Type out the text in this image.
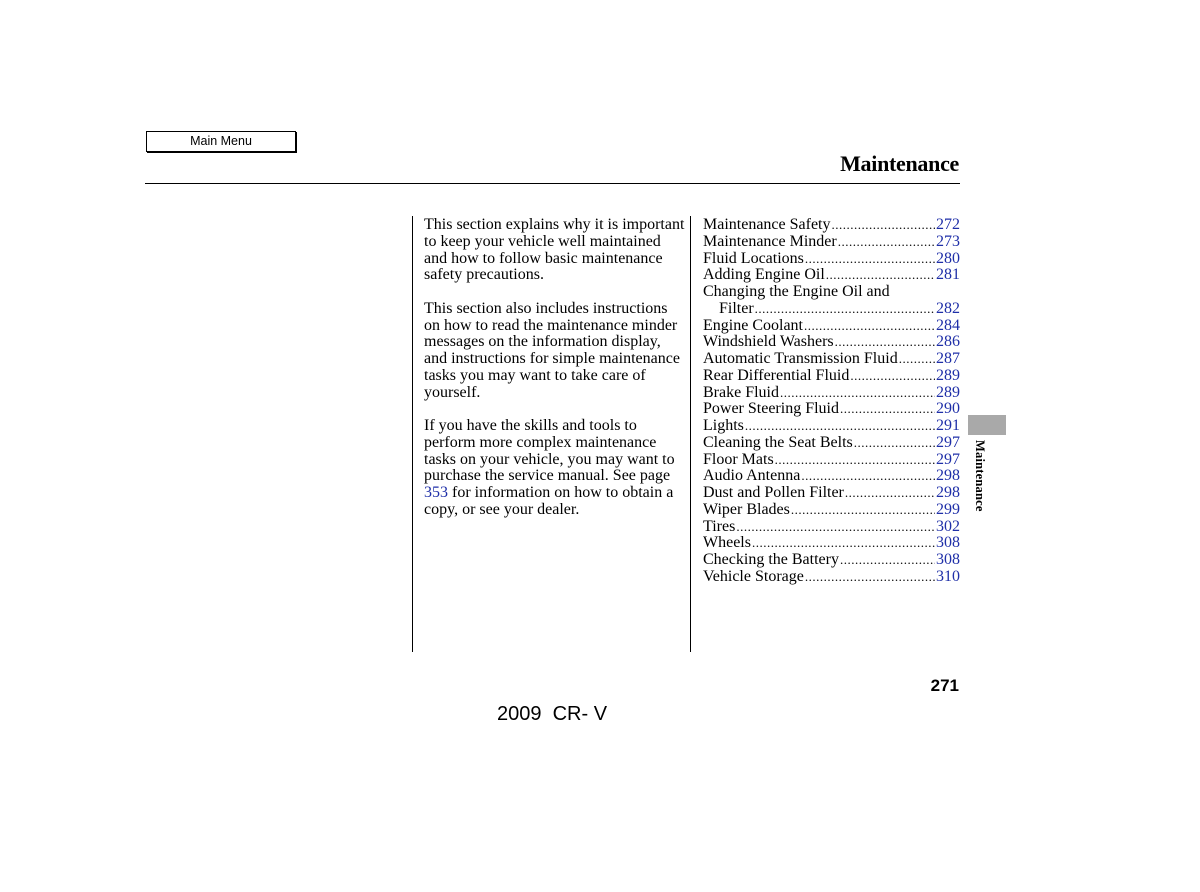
Main Menu
Maintenance

This section explains why it is important to keep your vehicle well maintained and how to follow basic maintenance safety precautions.

This section also includes instructions on how to read the maintenance minder messages on the information display, and instructions for simple maintenance tasks you may want to take care of yourself.

If you have the skills and tools to perform more complex maintenance tasks on your vehicle, you may want to purchase the service manual. See page 353 for information on how to obtain a copy, or see your dealer.

Maintenance Safety .....	272
Maintenance Minder .....	273
Fluid Locations .....	280
Adding Engine Oil .....	281
Changing the Engine Oil and
Filter .....	282
Engine Coolant .....	284
Windshield Washers .....	286
Automatic Transmission Fluid ..... 287
Rear Differential Fluid .....	289
Brake Fluid .....	289
Power Steering Fluid .....	290
Lights .....	291
Cleaning the Seat Belts .....	297
Floor Mats .....	297
Audio Antenna .....	298
Dust and Pollen Filter .....	298
Wiper Blades .....	299
Tires .....	302
Wheels .....	308
Checking the Battery .....	308
Vehicle Storage .....	310
Maintenance
271
2009  CR- V
